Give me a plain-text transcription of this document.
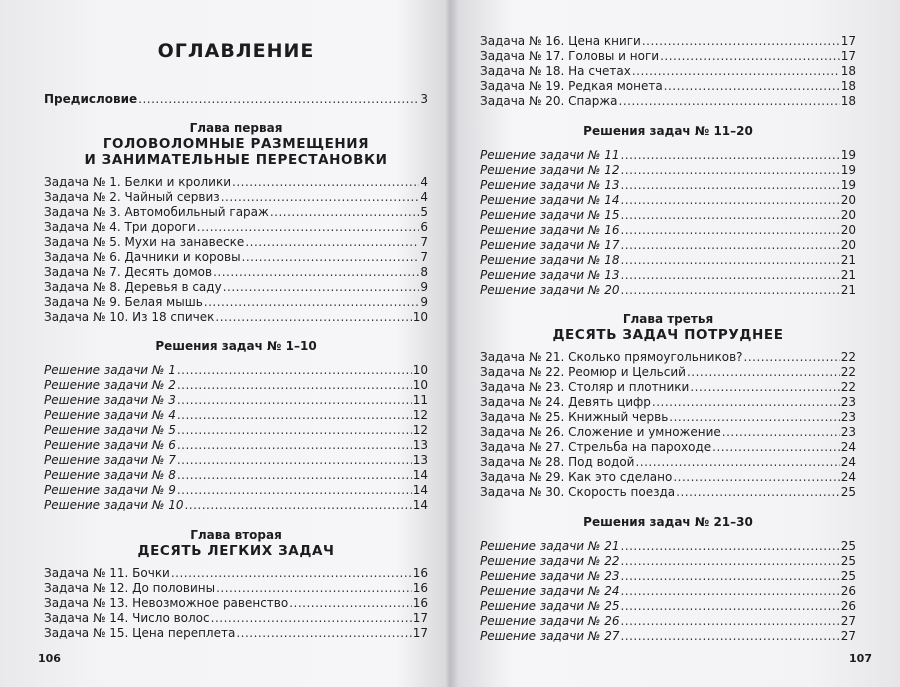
ОГЛАВЛЕНИЕ
Предисловие .....	3
Глава первая
ГОЛОВОЛОМНЫЕ РАЗМЕЩЕНИЯ
И ЗАНИМАТЕЛЬНЫЕ ПЕРЕСТАНОВКИ
Задача № 1. Белки и кролики .....	4
Задача № 2. Чайный сервиз .....	4
Задача № 3. Автомобильный гараж .....	5
Задача № 4. Три дороги .....	6
Задача № 5. Мухи на занавеске .....	7
Задача № 6. Дачники и коровы .....	7
Задача № 7. Десять домов .....	8
Задача № 8. Деревья в саду .....	9
Задача № 9. Белая мышь .....	9
Задача № 10. Из 18 спичек .....	10
Решения задач № 1–10
Решение задачи № 1 .....	10
Решение задачи № 2 .....	10
Решение задачи № 3 .....	11
Решение задачи № 4 .....	12
Решение задачи № 5 .....	12
Решение задачи № 6 .....	13
Решение задачи № 7 .....	13
Решение задачи № 8 .....	14
Решение задачи № 9 .....	14
Решение задачи № 10 .....	14
Глава вторая
ДЕСЯТЬ ЛЕГКИХ ЗАДАЧ
Задача № 11. Бочки .....	16
Задача № 12. До половины .....	16
Задача № 13. Невозможное равенство .....	16
Задача № 14. Число волос .....	17
Задача № 15. Цена переплета .....	17
106
Задача № 16. Цена книги .....	17
Задача № 17. Головы и ноги .....	17
Задача № 18. На счетах .....	18
Задача № 19. Редкая монета .....	18
Задача № 20. Спаржа .....	18
Решения задач № 11–20
Решение задачи № 11 .....	19
Решение задачи № 12 .....	19
Решение задачи № 13 .....	19
Решение задачи № 14 .....	20
Решение задачи № 15 .....	20
Решение задачи № 16 .....	20
Решение задачи № 17 .....	20
Решение задачи № 18 .....	21
Решение задачи № 13 .....	21
Решение задачи № 20 .....	21
Глава третья
ДЕСЯТЬ ЗАДАЧ ПОТРУДНЕЕ
Задача № 21. Сколько прямоугольников? .....	22
Задача № 22. Реомюр и Цельсий .....	22
Задача № 23. Столяр и плотники .....	22
Задача № 24. Девять цифр .....	23
Задача № 25. Книжный червь .....	23
Задача № 26. Сложение и умножение .....	23
Задача № 27. Стрельба на пароходе .....	24
Задача № 28. Под водой .....	24
Задача № 29. Как это сделано .....	24
Задача № 30. Скорость поезда .....	25
Решения задач № 21–30
Решение задачи № 21 .....	25
Решение задачи № 22 .....	25
Решение задачи № 23 .....	25
Решение задачи № 24 .....	26
Решение задачи № 25 .....	26
Решение задачи № 26 .....	27
Решение задачи № 27 .....	27
107
